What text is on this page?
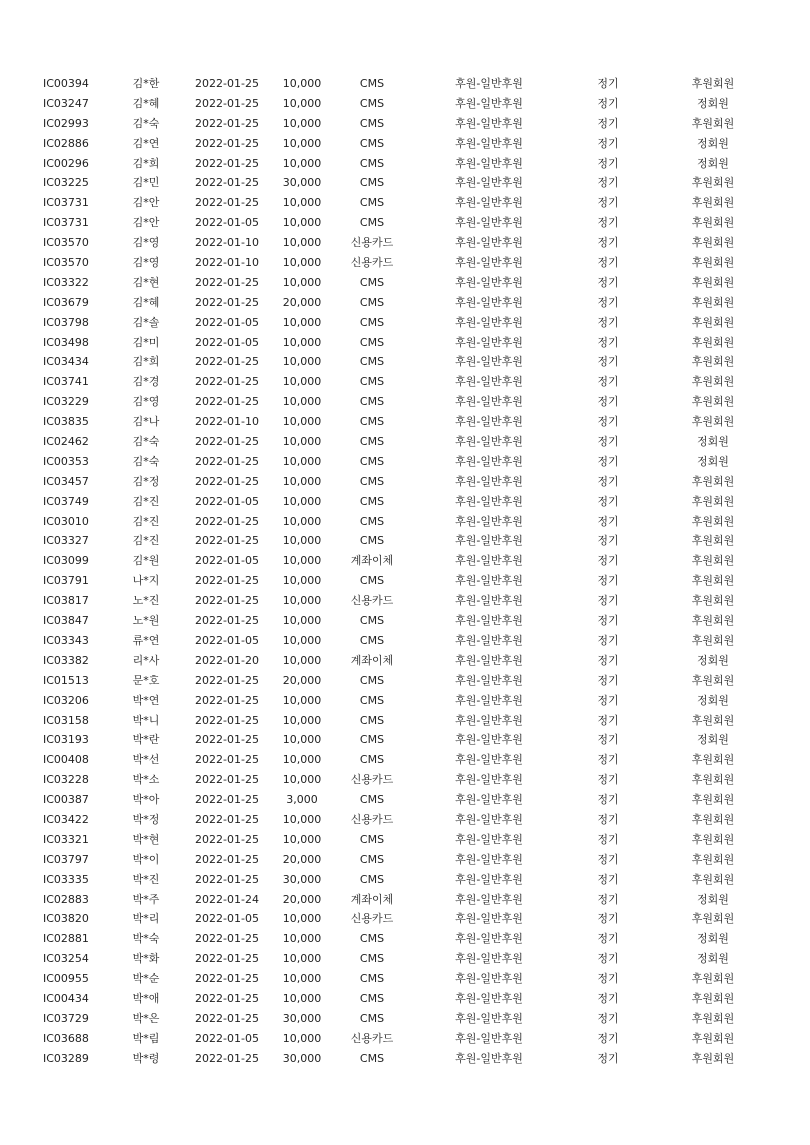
IC00394	김*한	2022-01-25 10,000	CMS	후원-일반후원	정기	후원회원
IC03247	김*혜	2022-01-25 10,000	CMS	후원-일반후원	정기	정회원
IC02993	김*숙	2022-01-25 10,000	CMS	후원-일반후원	정기	후원회원
IC02886	김*연	2022-01-25 10,000	CMS	후원-일반후원	정기	정회원
IC00296	김*희	2022-01-25 10,000	CMS	후원-일반후원	정기	정회원
IC03225	김*민	2022-01-25 30,000	CMS	후원-일반후원	정기	후원회원
IC03731	김*안	2022-01-25 10,000	CMS	후원-일반후원	정기	후원회원
IC03731	김*안	2022-01-05 10,000	CMS	후원-일반후원	정기	후원회원
IC03570	김*영	2022-01-10 10,000	신용카드	후원-일반후원	정기	후원회원
IC03570	김*영	2022-01-10 10,000	신용카드	후원-일반후원	정기	후원회원
IC03322	김*현	2022-01-25 10,000	CMS	후원-일반후원	정기	후원회원
IC03679	김*혜	2022-01-25 20,000	CMS	후원-일반후원	정기	후원회원
IC03798	김*솔	2022-01-05 10,000	CMS	후원-일반후원	정기	후원회원
IC03498	김*미	2022-01-05 10,000	CMS	후원-일반후원	정기	후원회원
IC03434	김*희	2022-01-25 10,000	CMS	후원-일반후원	정기	후원회원
IC03741	김*경	2022-01-25 10,000	CMS	후원-일반후원	정기	후원회원
IC03229	김*영	2022-01-25 10,000	CMS	후원-일반후원	정기	후원회원
IC03835	김*나	2022-01-10 10,000	CMS	후원-일반후원	정기	후원회원
IC02462	김*숙	2022-01-25 10,000	CMS	후원-일반후원	정기	정회원
IC00353	김*숙	2022-01-25 10,000	CMS	후원-일반후원	정기	정회원
IC03457	김*정	2022-01-25 10,000	CMS	후원-일반후원	정기	후원회원
IC03749	김*진	2022-01-05 10,000	CMS	후원-일반후원	정기	후원회원
IC03010	김*진	2022-01-25 10,000	CMS	후원-일반후원	정기	후원회원
IC03327	김*진	2022-01-25 10,000	CMS	후원-일반후원	정기	후원회원
IC03099	김*원	2022-01-05 10,000	계좌이체	후원-일반후원	정기	후원회원
IC03791	나*지	2022-01-25 10,000	CMS	후원-일반후원	정기	후원회원
IC03817	노*진	2022-01-25 10,000	신용카드	후원-일반후원	정기	후원회원
IC03847	노*원	2022-01-25 10,000	CMS	후원-일반후원	정기	후원회원
IC03343	류*연	2022-01-05 10,000	CMS	후원-일반후원	정기	후원회원
IC03382	리*사	2022-01-20 10,000	계좌이체	후원-일반후원	정기	정회원
IC01513	문*호	2022-01-25 20,000	CMS	후원-일반후원	정기	후원회원
IC03206	박*연	2022-01-25 10,000	CMS	후원-일반후원	정기	정회원
IC03158	박*니	2022-01-25 10,000	CMS	후원-일반후원	정기	후원회원
IC03193	박*란	2022-01-25 10,000	CMS	후원-일반후원	정기	정회원
IC00408	박*선	2022-01-25 10,000	CMS	후원-일반후원	정기	후원회원
IC03228	박*소	2022-01-25 10,000	신용카드	후원-일반후원	정기	후원회원
IC00387	박*아	2022-01-25 3,000	CMS	후원-일반후원	정기	후원회원
IC03422	박*정	2022-01-25 10,000	신용카드	후원-일반후원	정기	후원회원
IC03321	박*현	2022-01-25 10,000	CMS	후원-일반후원	정기	후원회원
IC03797	박*이	2022-01-25 20,000	CMS	후원-일반후원	정기	후원회원
IC03335	박*진	2022-01-25 30,000	CMS	후원-일반후원	정기	후원회원
IC02883	박*주	2022-01-24 20,000	계좌이체	후원-일반후원	정기	정회원
IC03820	박*리	2022-01-05 10,000	신용카드	후원-일반후원	정기	후원회원
IC02881	박*숙	2022-01-25 10,000	CMS	후원-일반후원	정기	정회원
IC03254	박*화	2022-01-25 10,000	CMS	후원-일반후원	정기	정회원
IC00955	박*순	2022-01-25 10,000	CMS	후원-일반후원	정기	후원회원
IC00434	박*애	2022-01-25 10,000	CMS	후원-일반후원	정기	후원회원
IC03729	박*은	2022-01-25 30,000	CMS	후원-일반후원	정기	후원회원
IC03688	박*림	2022-01-05 10,000	신용카드	후원-일반후원	정기	후원회원
IC03289	박*령	2022-01-25 30,000	CMS	후원-일반후원	정기	후원회원
